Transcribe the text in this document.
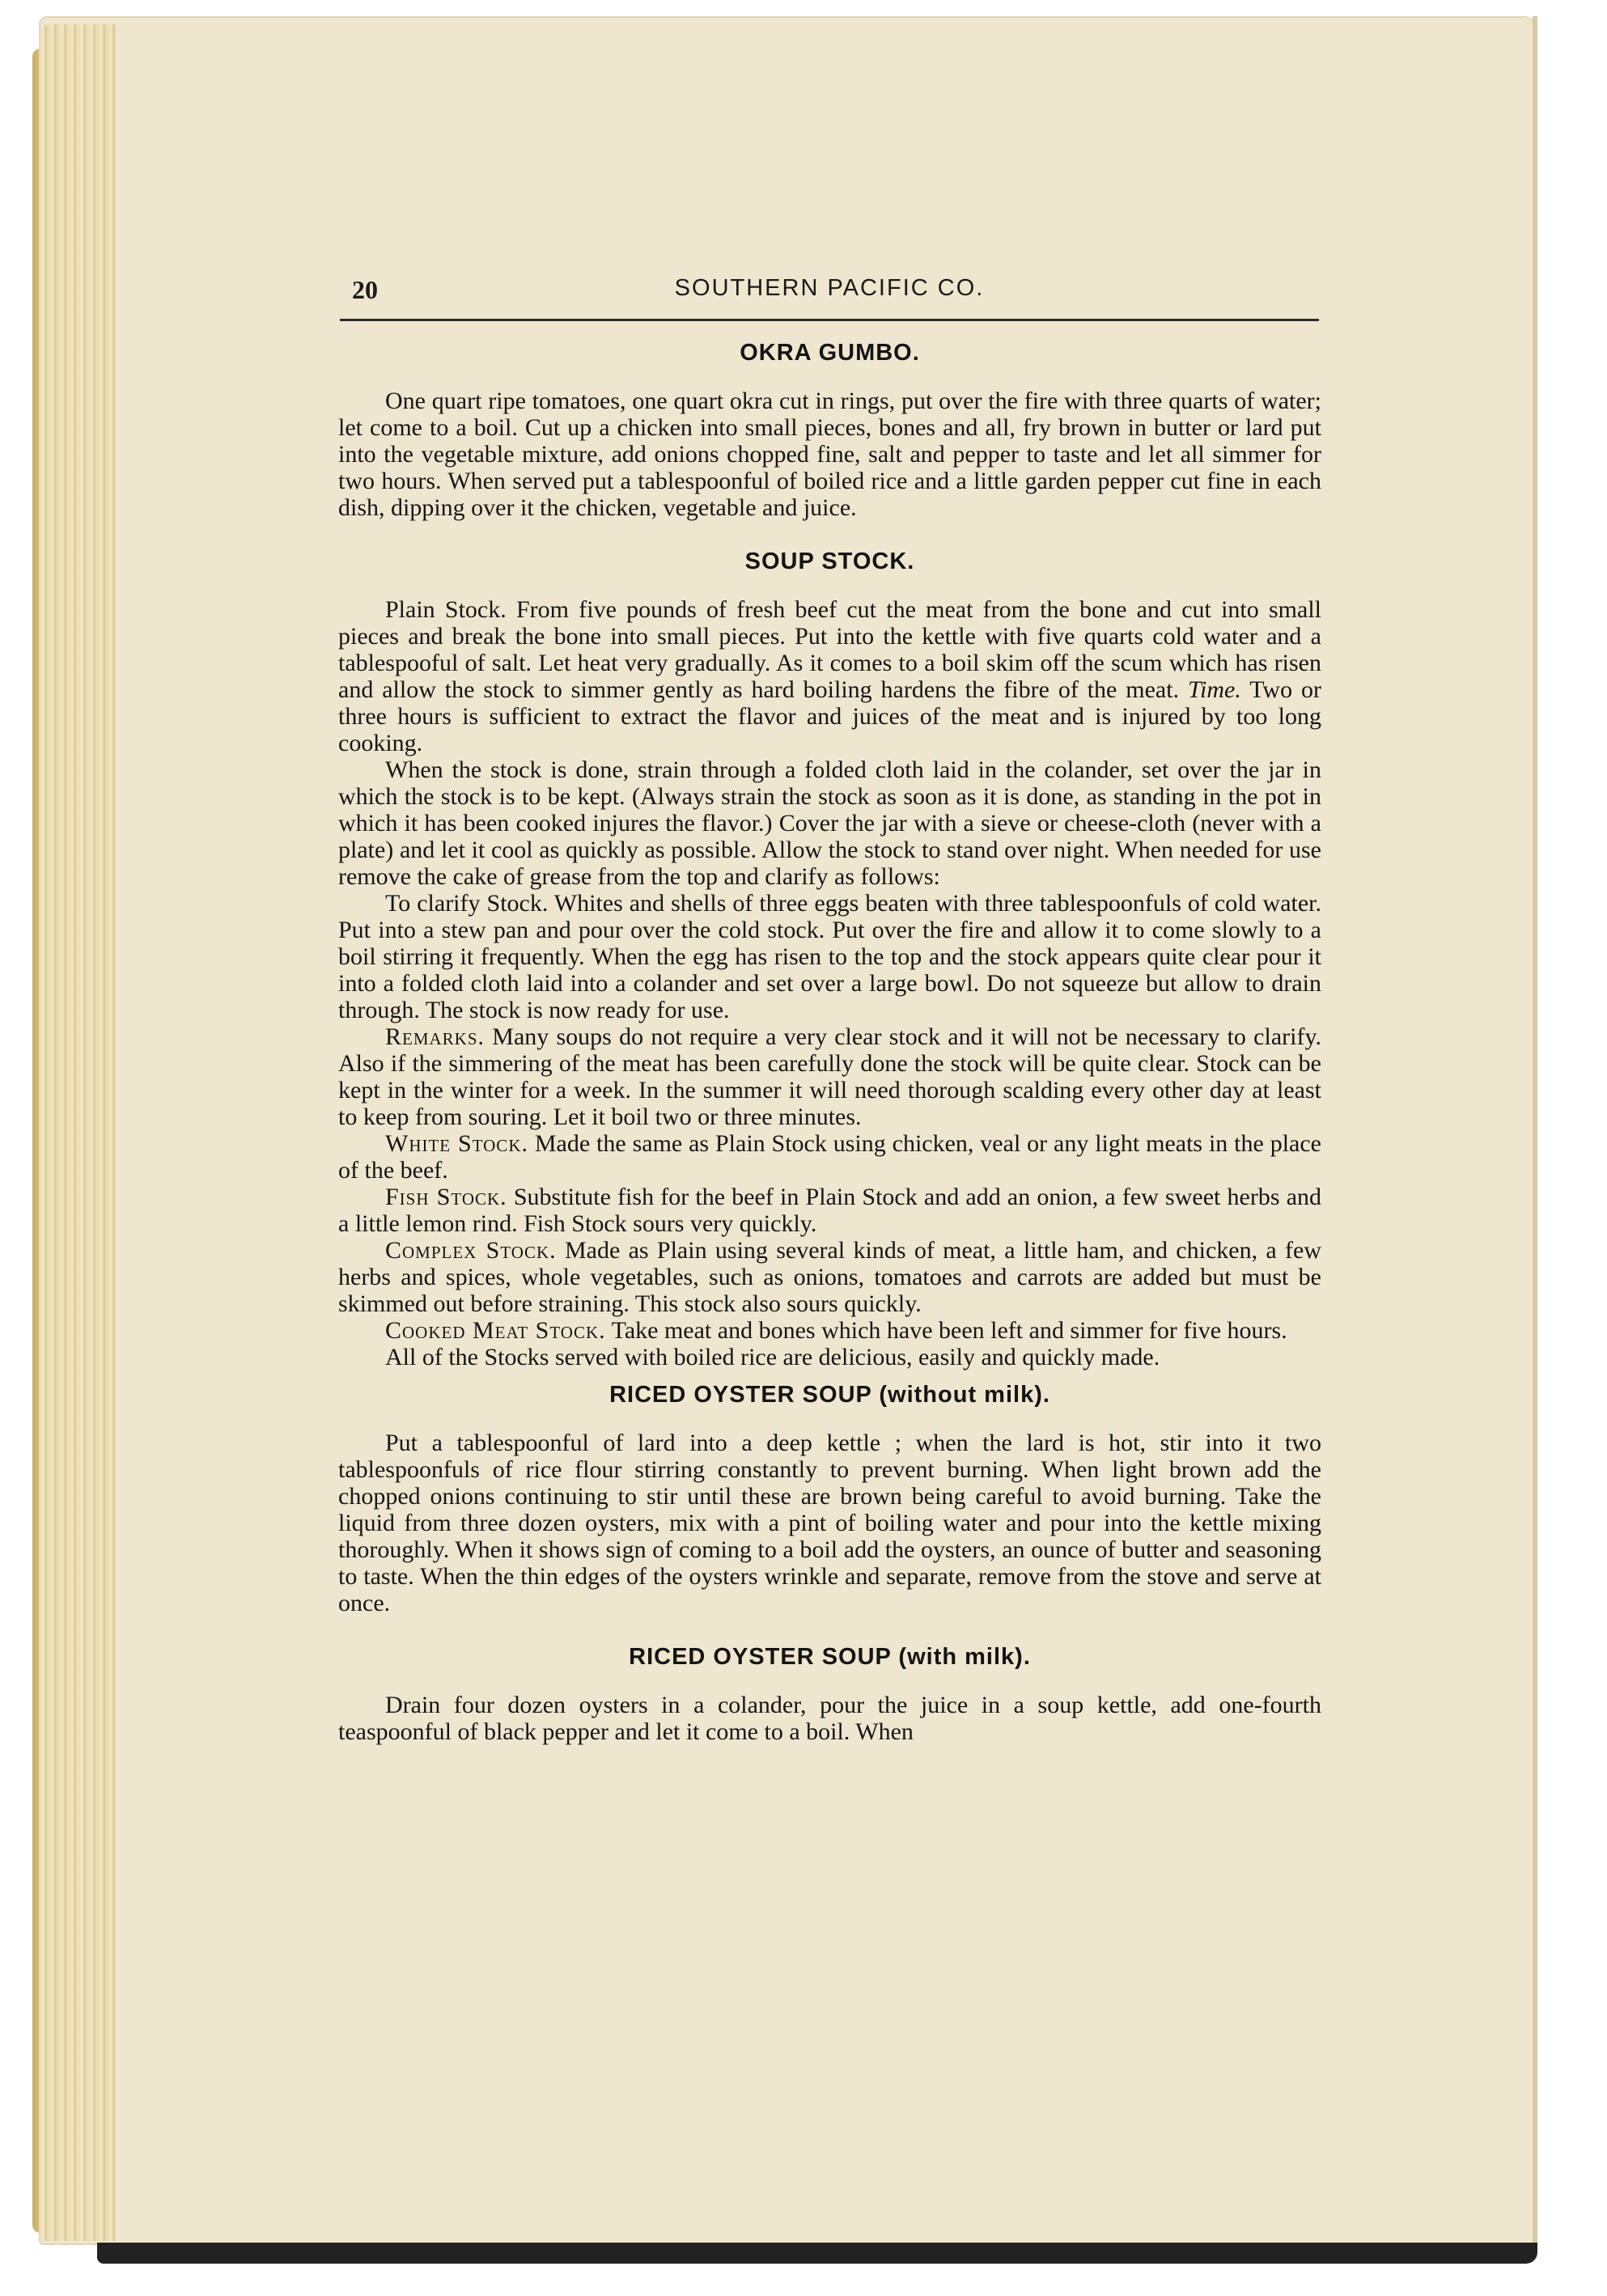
20	SOUTHERN PACIFIC CO.
OKRA GUMBO.

One quart ripe tomatoes, one quart okra cut in rings, put over the fire with three quarts of water; let come to a boil. Cut up a chicken into small pieces, bones and all, fry brown in butter or lard put into the vegetable mixture, add onions chopped fine, salt and pepper to taste and let all simmer for two hours. When served put a tablespoonful of boiled rice and a little garden pepper cut fine in each dish, dipping over it the chicken, vegetable and juice.

SOUP STOCK.

Plain Stock. From five pounds of fresh beef cut the meat from the bone and cut into small pieces and break the bone into small pieces. Put into the kettle with five quarts cold water and a tablespooful of salt. Let heat very gradually. As it comes to a boil skim off the scum which has risen and allow the stock to simmer gently as hard boiling hardens the fibre of the meat. Time. Two or three hours is sufficient to extract the flavor and juices of the meat and is injured by too long cooking.

When the stock is done, strain through a folded cloth laid in the colander, set over the jar in which the stock is to be kept. (Always strain the stock as soon as it is done, as standing in the pot in which it has been cooked injures the flavor.) Cover the jar with a sieve or cheese-cloth (never with a plate) and let it cool as quickly as possible. Allow the stock to stand over night. When needed for use remove the cake of grease from the top and clarify as follows:

To clarify Stock. Whites and shells of three eggs beaten with three tablespoonfuls of cold water. Put into a stew pan and pour over the cold stock. Put over the fire and allow it to come slowly to a boil stirring it frequently. When the egg has risen to the top and the stock appears quite clear pour it into a folded cloth laid into a colander and set over a large bowl. Do not squeeze but allow to drain through. The stock is now ready for use.

Remarks. Many soups do not require a very clear stock and it will not be necessary to clarify. Also if the simmering of the meat has been carefully done the stock will be quite clear. Stock can be kept in the winter for a week. In the summer it will need thorough scalding every other day at least to keep from souring. Let it boil two or three minutes.

White Stock. Made the same as Plain Stock using chicken, veal or any light meats in the place of the beef.

Fish Stock. Substitute fish for the beef in Plain Stock and add an onion, a few sweet herbs and a little lemon rind. Fish Stock sours very quickly.

Complex Stock. Made as Plain using several kinds of meat, a little ham, and chicken, a few herbs and spices, whole vegetables, such as onions, tomatoes and carrots are added but must be skimmed out before straining. This stock also sours quickly.

Cooked Meat Stock. Take meat and bones which have been left and simmer for five hours.

All of the Stocks served with boiled rice are delicious, easily and quickly made.

RICED OYSTER SOUP (without milk).

Put a tablespoonful of lard into a deep kettle ; when the lard is hot, stir into it two tablespoonfuls of rice flour stirring constantly to prevent burning. When light brown add the chopped onions continuing to stir until these are brown being careful to avoid burning. Take the liquid from three dozen oysters, mix with a pint of boiling water and pour into the kettle mixing thoroughly. When it shows sign of coming to a boil add the oysters, an ounce of butter and seasoning to taste. When the thin edges of the oysters wrinkle and separate, remove from the stove and serve at once.

RICED OYSTER SOUP (with milk).

Drain four dozen oysters in a colander, pour the juice in a soup kettle, add one-fourth teaspoonful of black pepper and let it come to a boil. When
